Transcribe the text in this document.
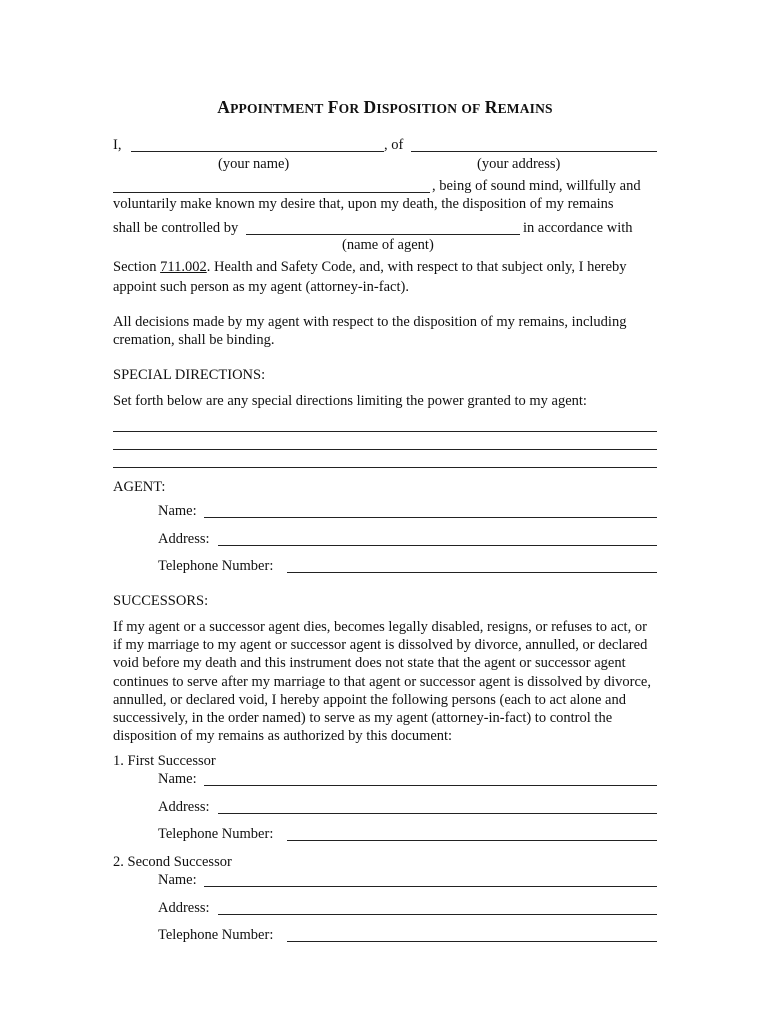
APPOINTMENT FOR DISPOSITION OF REMAINS
I,	, of
(your name)	(your address)
, being of sound mind, willfully and
voluntarily make known my desire that, upon my death, the disposition of my remains
shall be controlled by	in accordance with
(name of agent)
Section 711.002. Health and Safety Code, and, with respect to that subject only, I hereby
appoint such person as my agent (attorney-in-fact).
All decisions made by my agent with respect to the disposition of my remains, including cremation, shall be binding.
SPECIAL DIRECTIONS:
Set forth below are any special directions limiting the power granted to my agent:
AGENT:
Name:
Address:
Telephone Number:
SUCCESSORS:
If my agent or a successor agent dies, becomes legally disabled, resigns, or refuses to act, or if my marriage to my agent or successor agent is dissolved by divorce, annulled, or declared void before my death and this instrument does not state that the agent or successor agent continues to serve after my marriage to that agent or successor agent is dissolved by divorce, annulled, or declared void, I hereby appoint the following persons (each to act alone and successively, in the order named) to serve as my agent (attorney-in-fact) to control the disposition of my remains as authorized by this document:
1. First Successor
Name:
Address:
Telephone Number:
2. Second Successor
Name:
Address:
Telephone Number:
